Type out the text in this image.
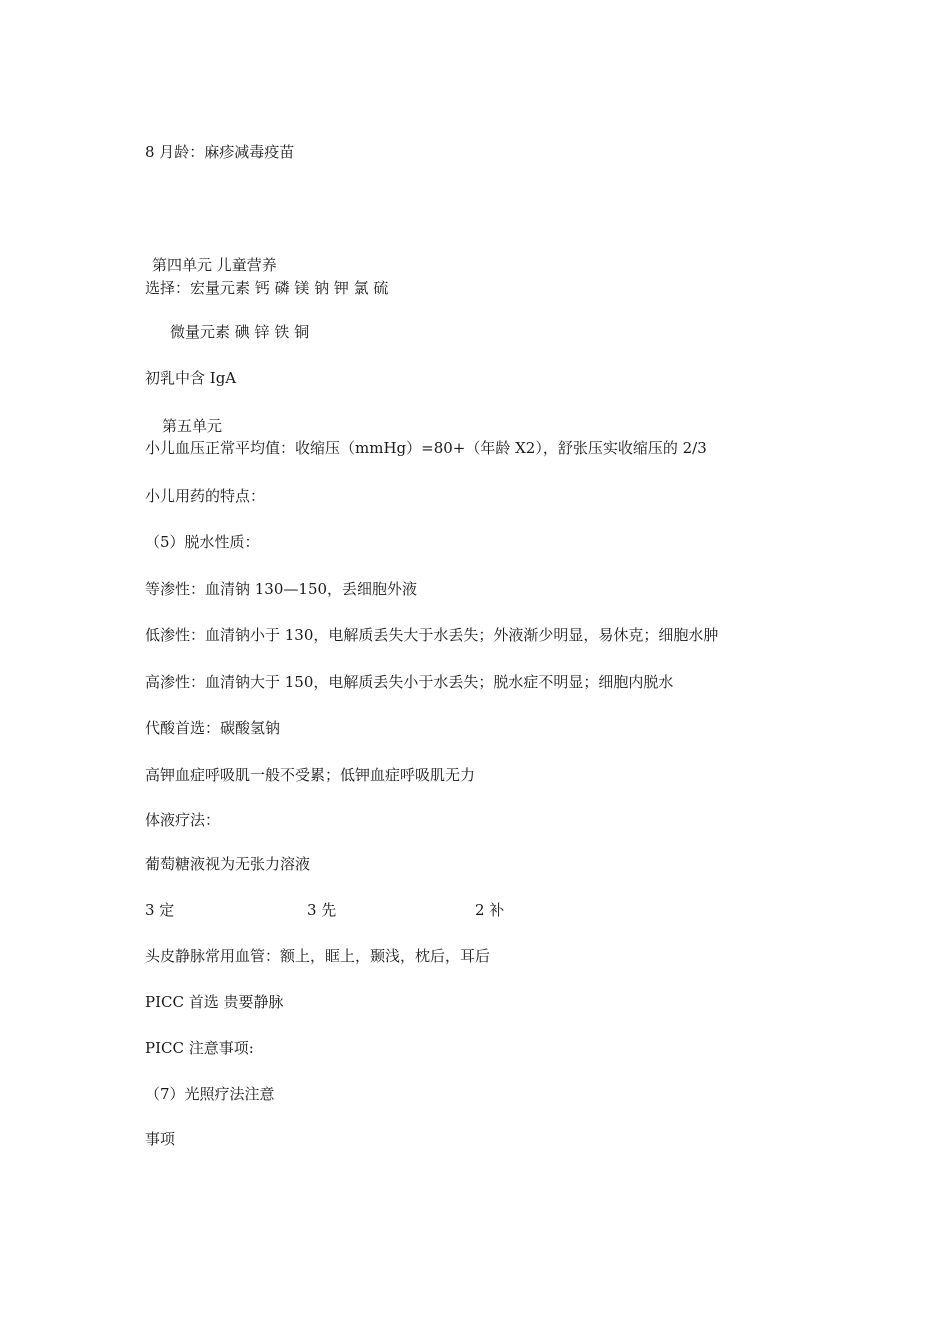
8 月龄：麻疹减毒疫苗
第四单元 儿童营养
选择：宏量元素 钙 磷 镁 钠 钾 氯 硫
微量元素 碘 锌 铁 铜
初乳中含 IgA
第五单元
小儿血压正常平均值：收缩压（mmHg）=80+（年龄 X2），舒张压实收缩压的 2/3
小儿用药的特点：
（5）脱水性质：
等渗性：血清钠 130—150，丢细胞外液
低渗性：血清钠小于 130，电解质丢失大于水丢失；外液渐少明显，易休克；细胞水肿
高渗性：血清钠大于 150，电解质丢失小于水丢失；脱水症不明显；细胞内脱水
代酸首选：碳酸氢钠
高钾血症呼吸肌一般不受累；低钾血症呼吸肌无力
体液疗法：
葡萄糖液视为无张力溶液
3 定	3 先	2 补
头皮静脉常用血管：额上，眶上，颞浅，枕后，耳后
PICC 首选 贵要静脉
PICC 注意事项:
（7）光照疗法注意
事项
